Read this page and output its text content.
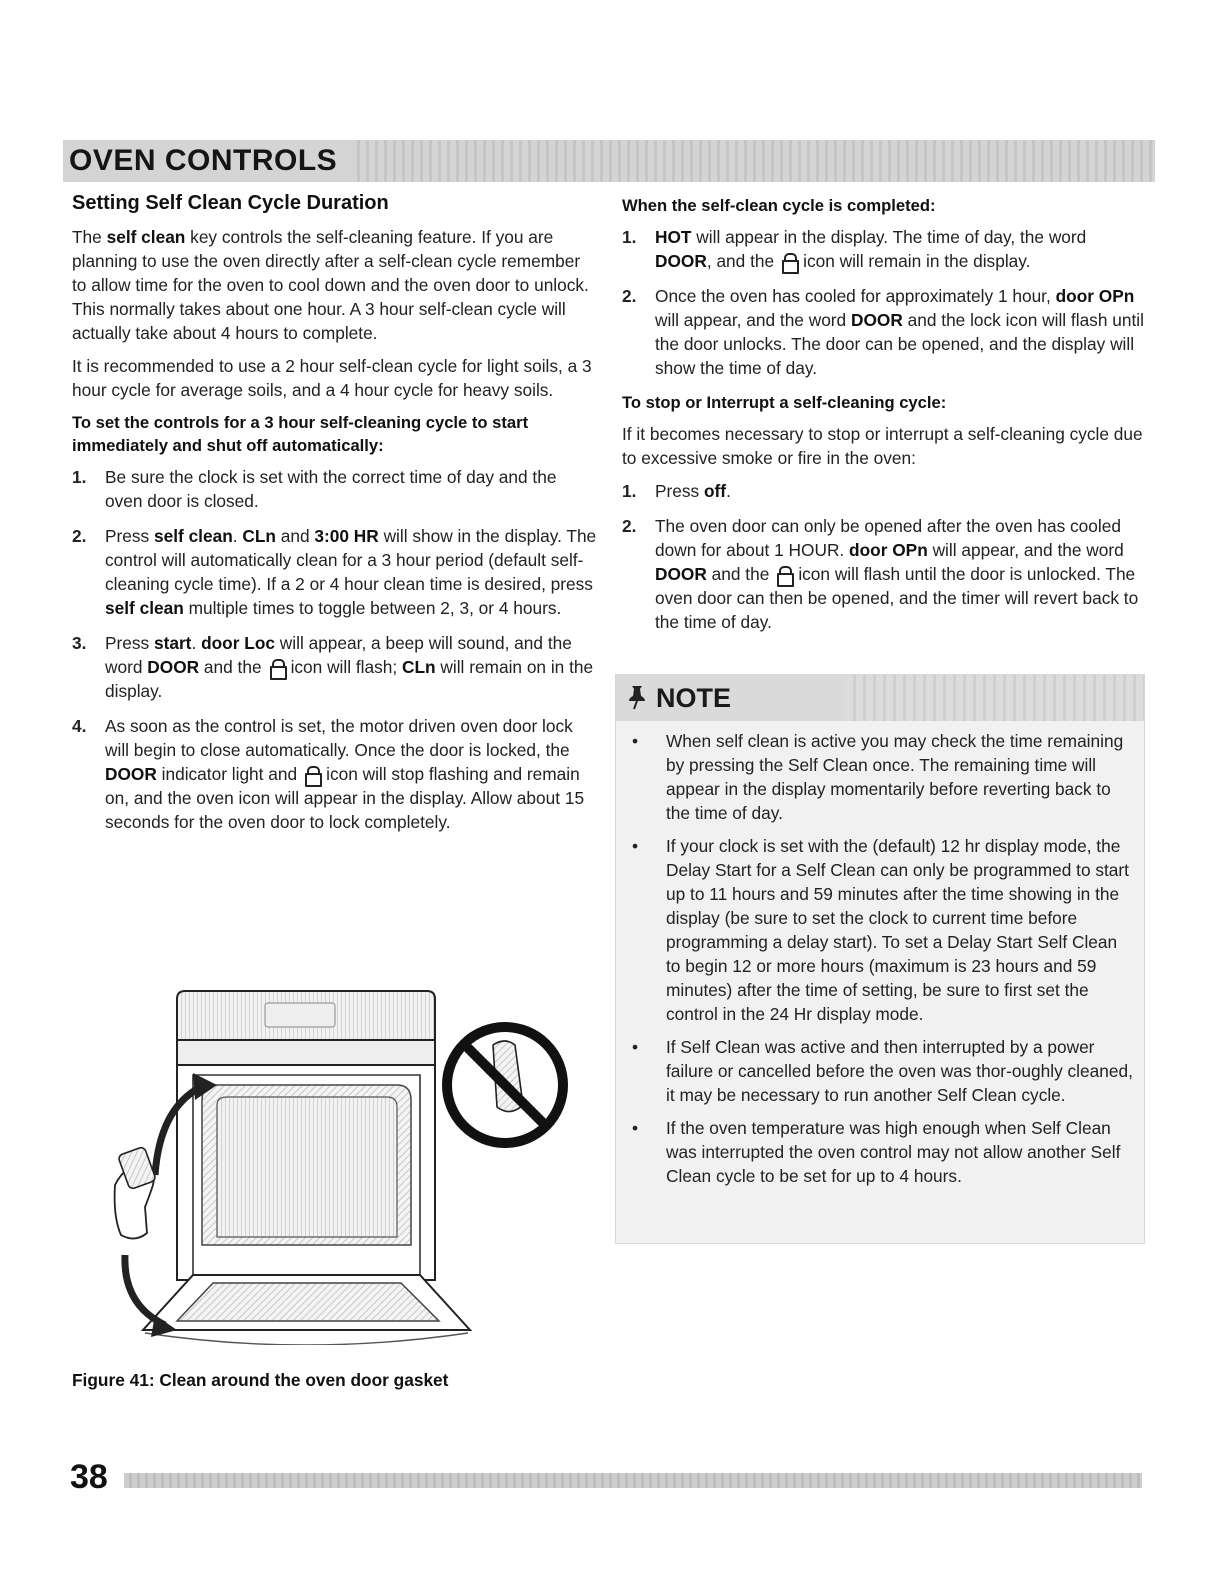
OVEN CONTROLS
Setting Self Clean Cycle Duration

The self clean key controls the self-cleaning feature. If you are planning to use the oven directly after a self-clean cycle remember to allow time for the oven to cool down and the oven door to unlock. This normally takes about one hour. A 3 hour self-clean cycle will actually take about 4 hours to complete.

It is recommended to use a 2 hour self-clean cycle for light soils, a 3 hour cycle for average soils, and a 4 hour cycle for heavy soils.

To set the controls for a 3 hour self-cleaning cycle to start immediately and shut off automatically:
1. Be sure the clock is set with the correct time of day and the oven door is closed.
2. Press self clean. CLn and 3:00 HR will show in the display. The control will automatically clean for a 3 hour period (default self-cleaning cycle time). If a 2 or 4 hour clean time is desired, press self clean multiple times to toggle between 2, 3, or 4 hours.
3. Press start. door Loc will appear, a beep will sound, and the word DOOR and the icon will flash; CLn will remain on in the display.
4. As soon as the control is set, the motor driven oven door lock will begin to close automatically. Once the door is locked, the DOOR indicator light and icon will stop flashing and remain on, and the oven icon will appear in the display. Allow about 15 seconds for the oven door to lock completely.
Figure 41: Clean around the oven door gasket
When the self-clean cycle is completed:
1. HOT will appear in the display. The time of day, the word DOOR, and the icon will remain in the display.
2. Once the oven has cooled for approximately 1 hour, door OPn will appear, and the word DOOR and the lock icon will flash until the door unlocks. The door can be opened, and the display will show the time of day.
To stop or Interrupt a self-cleaning cycle:

If it becomes necessary to stop or interrupt a self-cleaning cycle due to excessive smoke or fire in the oven:

1. Press off.
2. The oven door can only be opened after the oven has cooled down for about 1 HOUR. door OPn will appear, and the word DOOR and the icon will flash until the door is unlocked. The oven door can then be opened, and the timer will revert back to the time of day.
NOTE
• When self clean is active you may check the time remaining by pressing the Self Clean once. The remaining time will appear in the display momentarily before reverting back to the time of day.
• If your clock is set with the (default) 12 hr display mode, the Delay Start for a Self Clean can only be programmed to start up to 11 hours and 59 minutes after the time showing in the display (be sure to set the clock to current time before programming a delay start). To set a Delay Start Self Clean to begin 12 or more hours (maximum is 23 hours and 59 minutes) after the time of setting, be sure to first set the control in the 24 Hr display mode.
• If Self Clean was active and then interrupted by a power failure or cancelled before the oven was thor-oughly cleaned, it may be necessary to run another Self Clean cycle.
• If the oven temperature was high enough when Self Clean was interrupted the oven control may not allow another Self Clean cycle to be set for up to 4 hours.
38
